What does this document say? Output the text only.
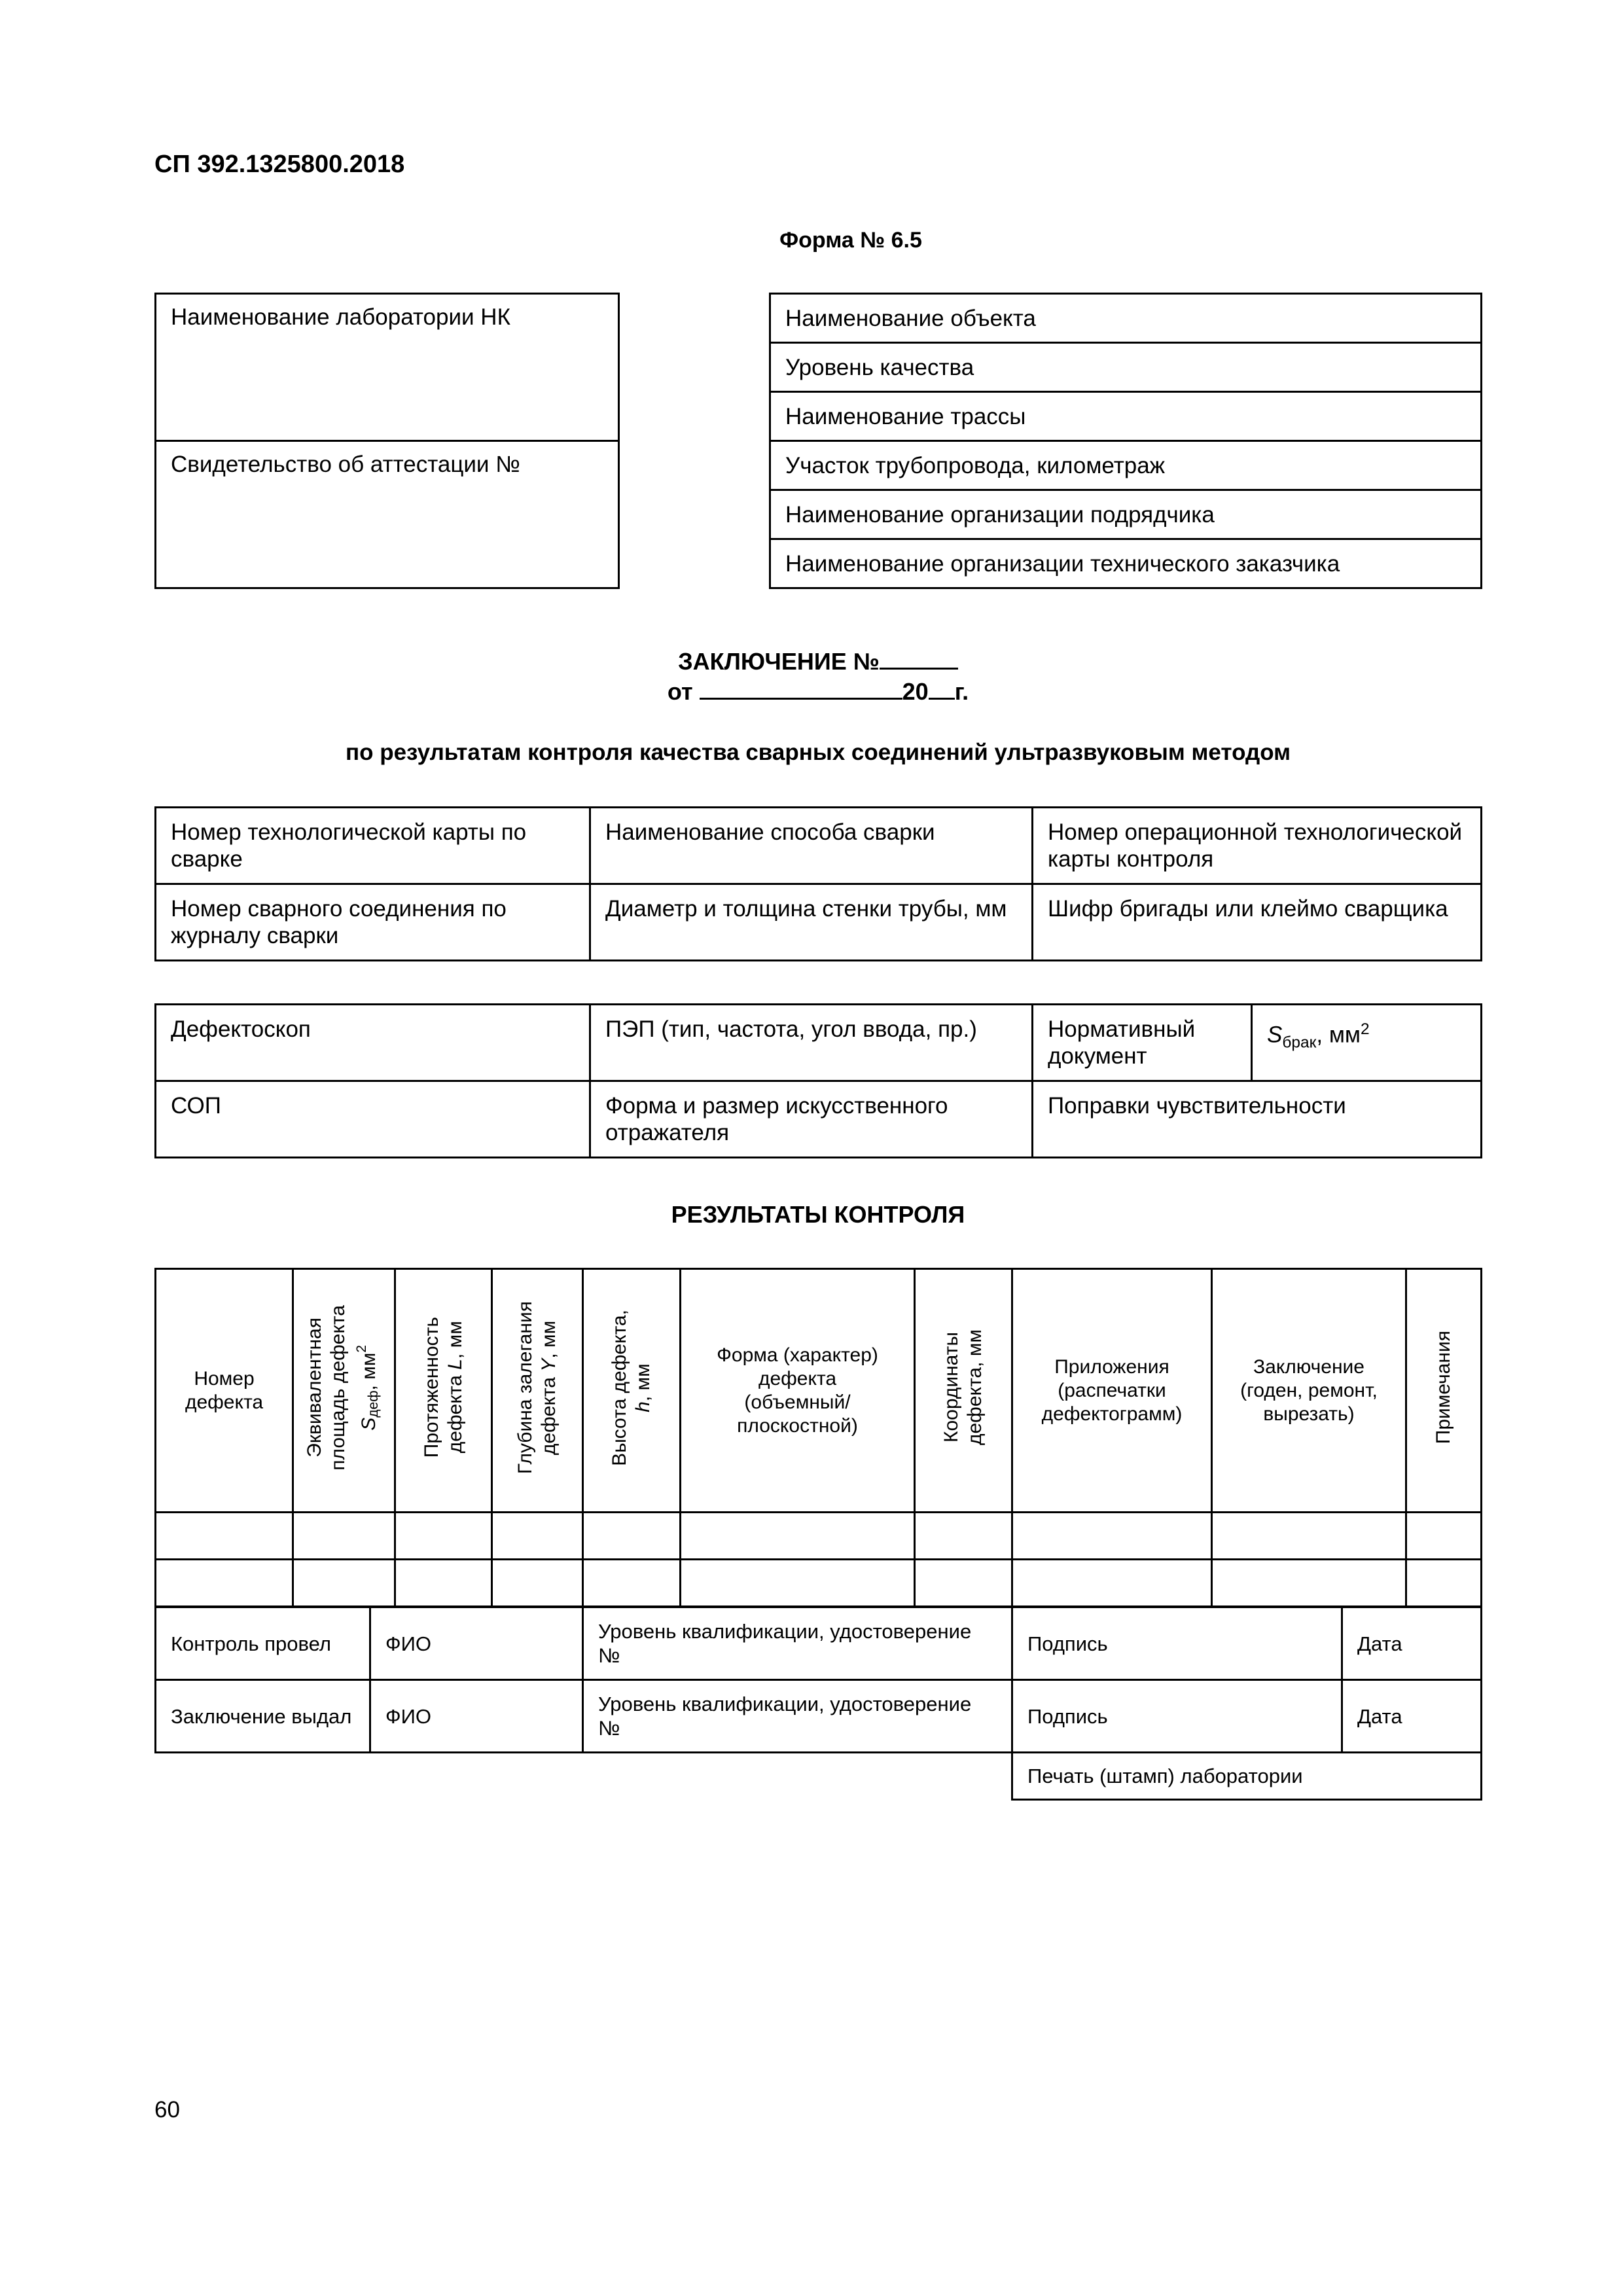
СП 392.1325800.2018
Форма № 6.5
Наименование лаборатории НК
Свидетельство об аттестации №
Наименование объекта
Уровень качества
Наименование трассы
Участок трубопровода, километраж
Наименование организации подрядчика
Наименование организации технического заказчика
ЗАКЛЮЧЕНИЕ №
от	20 г.
по результатам контроля качества сварных соединений ультразвуковым методом
Номер технологической карты по сварке	Наименование способа сварки	Номер операционной технологической карты контроля
Номер сварного соединения по журналу сварки	Диаметр и толщина стенки трубы, мм	Шифр бригады или клеймо сварщика
Дефектоскоп	ПЭП (тип, частота, угол ввода, пр.)	Нормативный документ	$S_{брак}$, $мм^2$
СОП	Форма и размер искусственного отражателя	Поправки чувствительности	
РЕЗУЛЬТАТЫ КОНТРОЛЯ
Номер дефекта	Эквивалентная площадь дефекта $S_{деф}$, $мм^2$	Протяженность дефекта L, мм	Глубина залегания дефекта Y, мм	Высота дефекта, h, мм	Форма (характер) дефекта (объемный/ плоскостной)	Координаты дефекта, мм	Приложения (распечатки дефектограмм)	Заключение (годен, ремонт, вырезать)	Примечания

Контроль провел	ФИО	Уровень квалификации, удостоверение №	Подпись	Дата
Заключение выдал	ФИО	Уровень квалификации, удостоверение №	Подпись	Дата
Печать (штамп) лаборатории
60
